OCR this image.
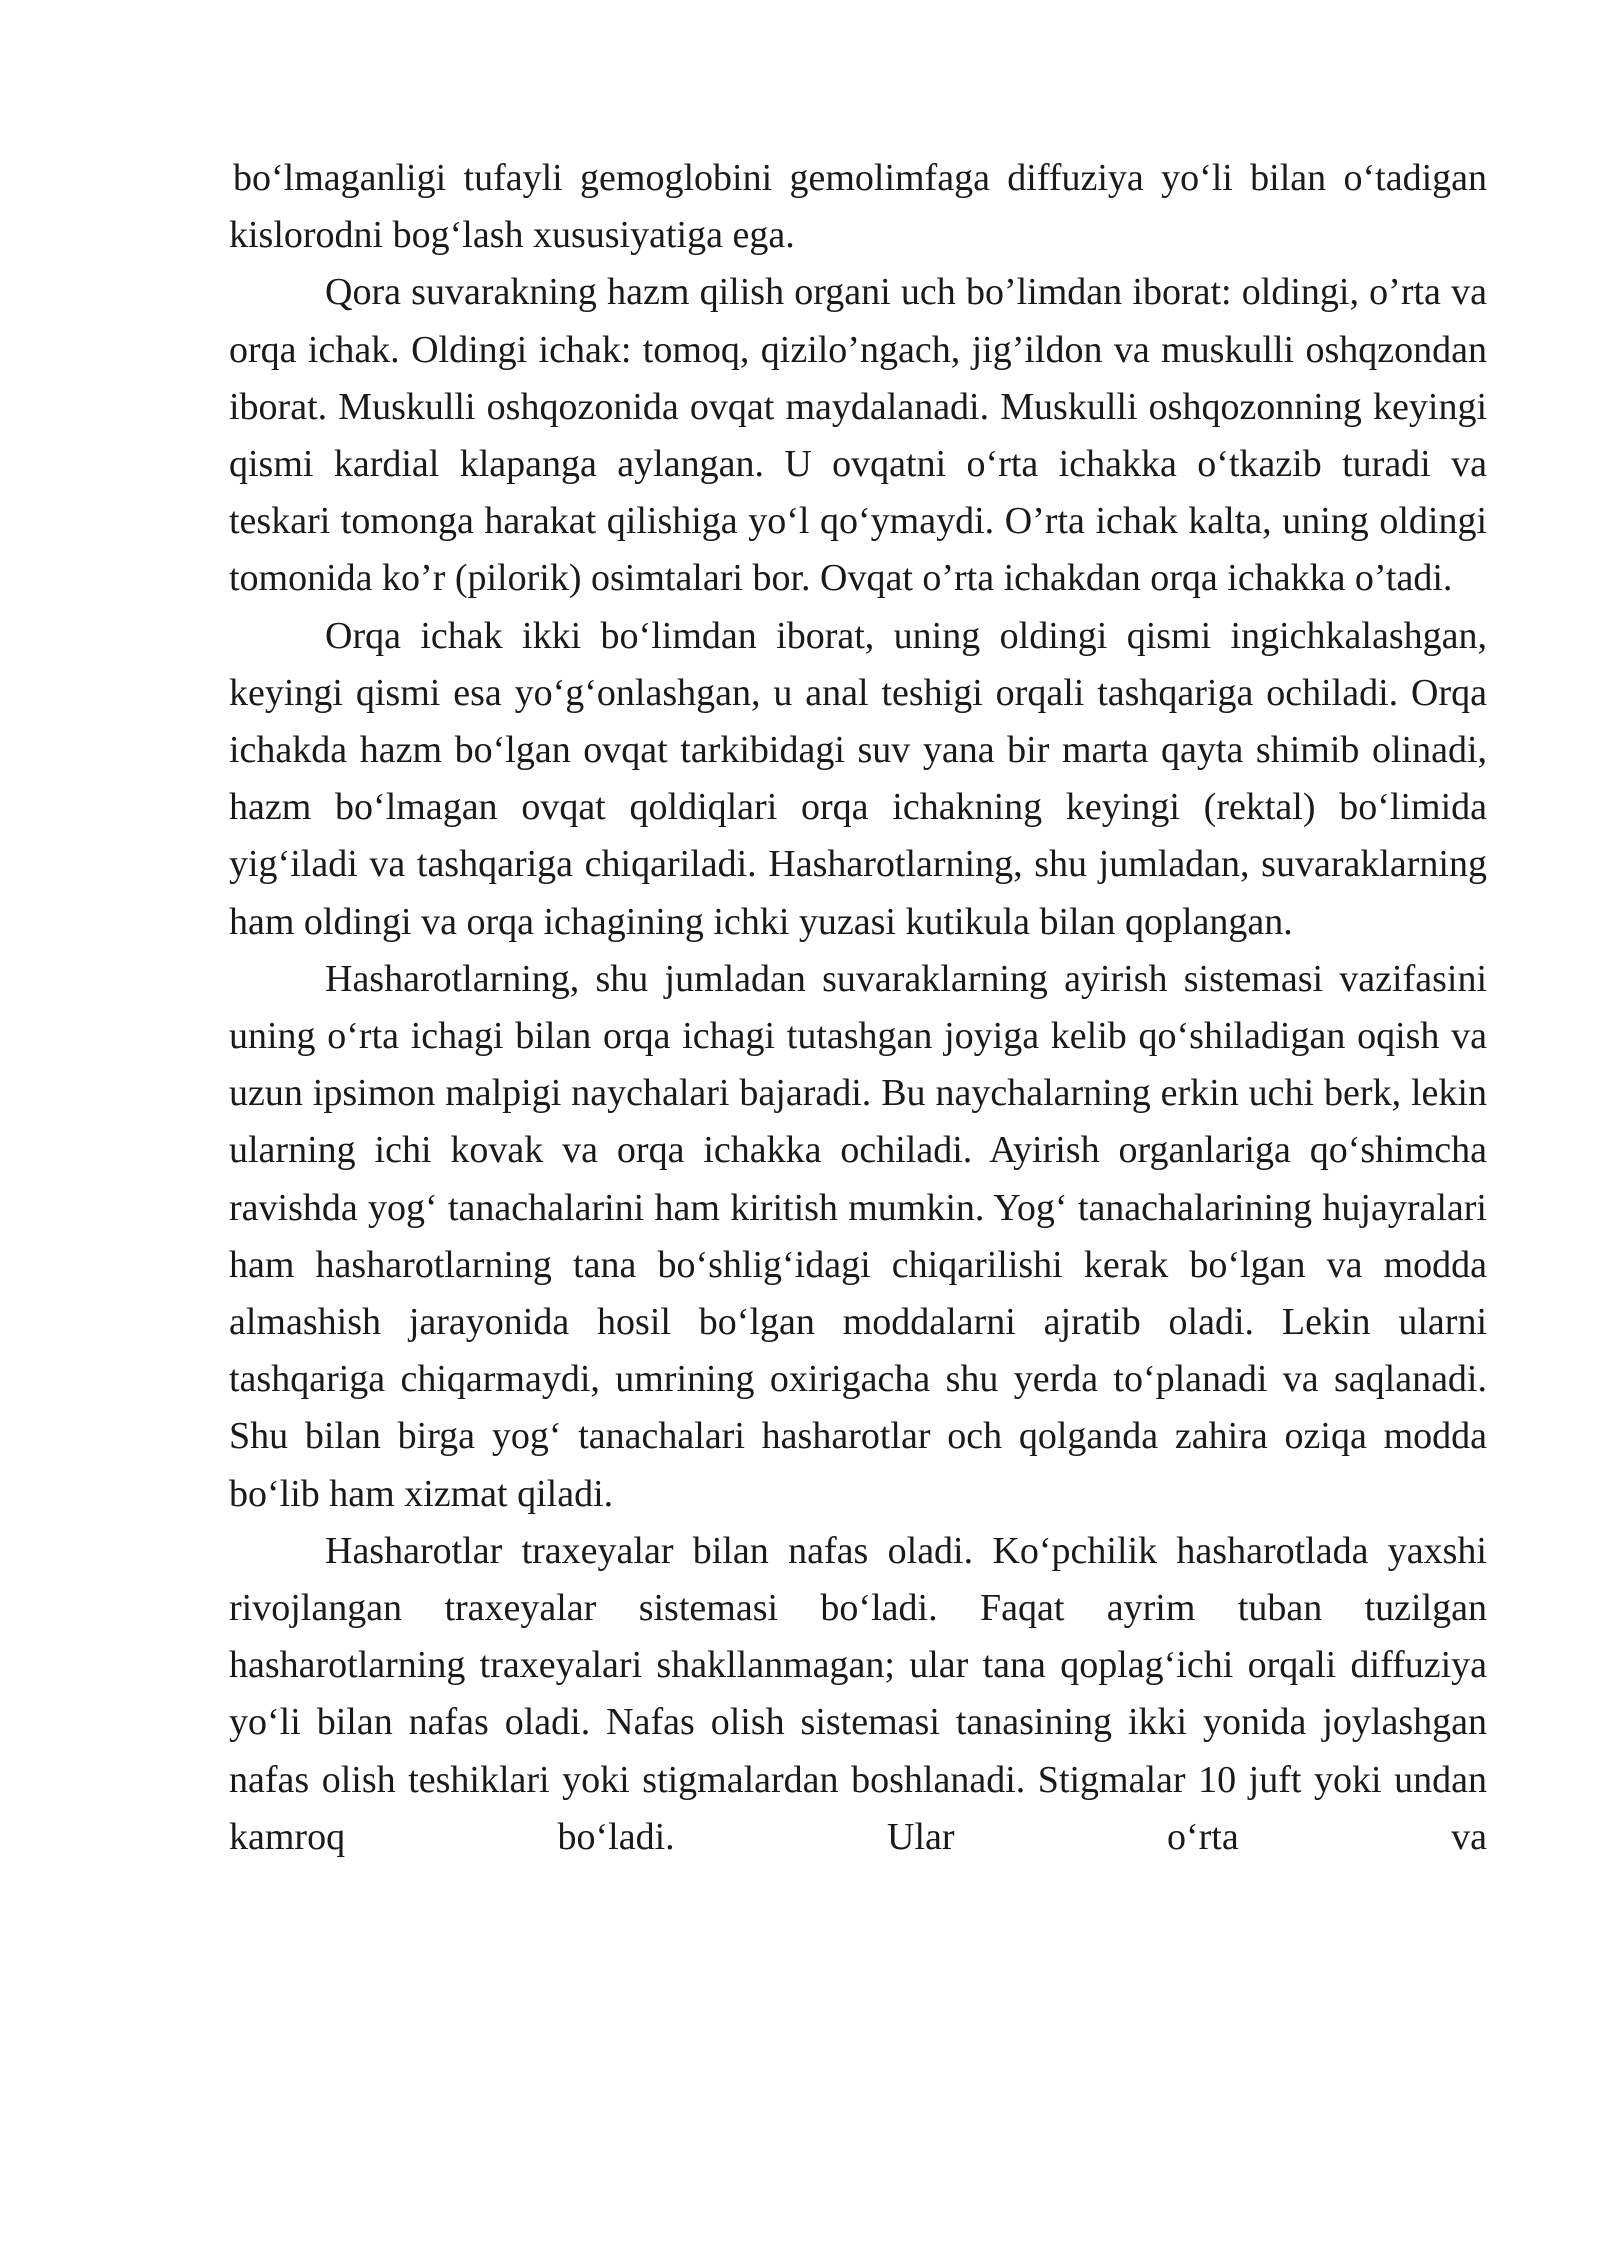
bo‘lmaganligi tufayli gemoglobini gemolimfaga diffuziya yo‘li bilan o‘tadigan kislorodni bog‘lash xususiyatiga ega.

Qora suvarakning hazm qilish organi uch bo’limdan iborat: oldingi, o’rta va orqa ichak. Oldingi ichak: tomoq, qizilo’ngach, jig’ildon va muskulli oshqzondan iborat. Muskulli oshqozonida ovqat maydalanadi. Muskulli oshqozonning keyingi qismi kardial klapanga aylangan. U ovqatni o‘rta ichakka o‘tkazib turadi va teskari tomonga harakat qilishiga yo‘l qo‘ymaydi. O’rta ichak kalta, uning oldingi tomonida ko’r (pilorik) osimtalari bor. Ovqat o’rta ichakdan orqa ichakka o’tadi.

Orqa ichak ikki bo‘limdan iborat, uning oldingi qismi ingichkalashgan, keyingi qismi esa yo‘g‘onlashgan, u anal teshigi orqali tashqariga ochiladi. Orqa ichakda hazm bo‘lgan ovqat tarkibidagi suv yana bir marta qayta shimib olinadi, hazm bo‘lmagan ovqat qoldiqlari orqa ichakning keyingi (rektal) bo‘limida yig‘iladi va tashqariga chiqariladi. Hasharotlarning, shu jumladan, suvaraklarning ham oldingi va orqa ichagining ichki yuzasi kutikula bilan qoplangan.

Hasharotlarning, shu jumladan suvaraklarning ayirish sistemasi vazifasini uning o‘rta ichagi bilan orqa ichagi tutashgan joyiga kelib qo‘shiladigan oqish va uzun ipsimon malpigi naychalari bajaradi. Bu naychalarning erkin uchi berk, lekin ularning ichi kovak va orqa ichakka ochiladi. Ayirish organlariga qo‘shimcha ravishda yog‘ tanachalarini ham kiritish mumkin. Yog‘ tanachalarining hujayralari ham hasharotlarning tana bo‘shlig‘idagi chiqarilishi kerak bo‘lgan va modda almashish jarayonida hosil bo‘lgan moddalarni ajratib oladi. Lekin ularni tashqariga chiqarmaydi, umrining oxirigacha shu yerda to‘planadi va saqlanadi. Shu bilan birga yog‘ tanachalari hasharotlar och qolganda zahira oziqa modda bo‘lib ham xizmat qiladi.

Hasharotlar traxeyalar bilan nafas oladi. Ko‘pchilik hasharotlada yaxshi rivojlangan traxeyalar sistemasi bo‘ladi. Faqat ayrim tuban tuzilgan hasharotlarning traxeyalari shakllanmagan; ular tana qoplag‘ichi orqali diffuziya yo‘li bilan nafas oladi. Nafas olish sistemasi tanasining ikki yonida joylashgan nafas olish teshiklari yoki stigmalardan boshlanadi. Stigmalar 10 juft yoki undan kamroq bo‘ladi. Ular o‘rta va
